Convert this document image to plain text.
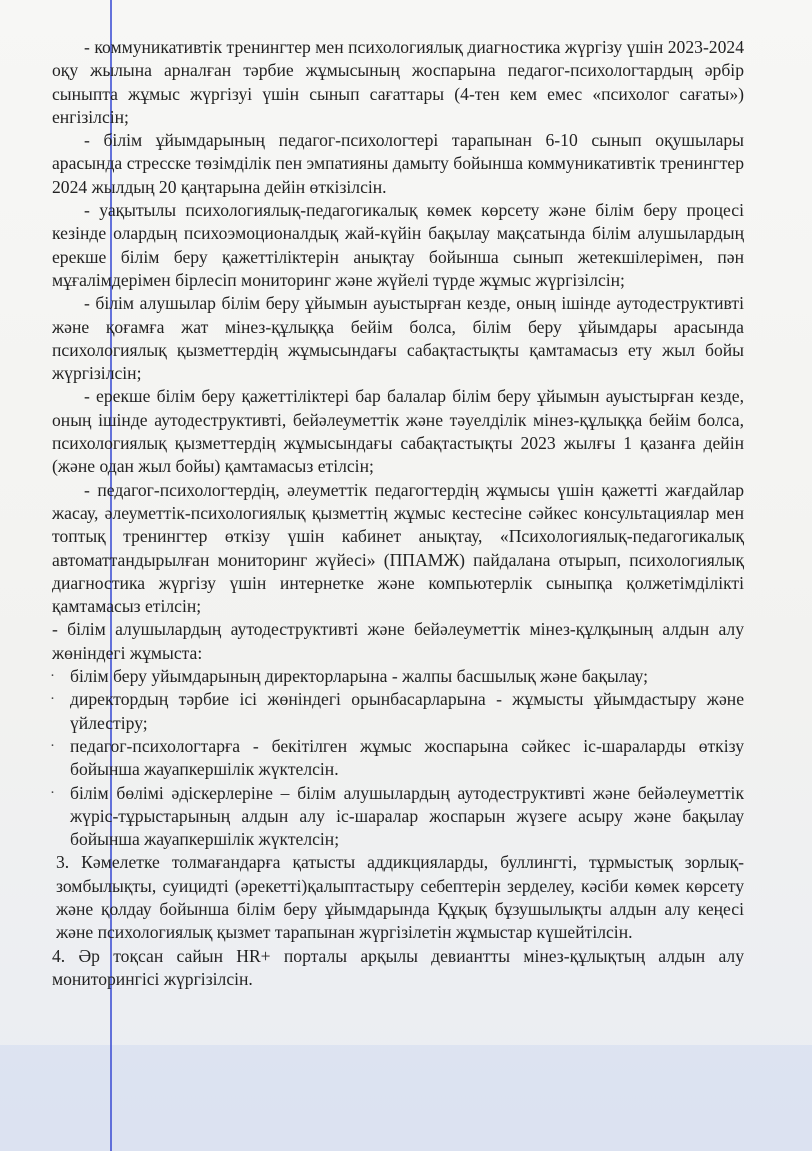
- коммуникативтік тренингтер мен психологиялық диагностика жүргізу үшін 2023-2024 оқу жылына арналған тәрбие жұмысының жоспарына педагог-психологтардың әрбір сыныпта жұмыс жүргізуі үшін сынып сағаттары (4-тен кем емес «психолог сағаты») енгізілсін;

- білім ұйымдарының педагог-психологтері тарапынан 6-10 сынып оқушылары арасында стресске төзімділік пен эмпатияны дамыту бойынша коммуникативтік тренингтер 2024 жылдың 20 қаңтарына дейін өткізілсін.

- уақытылы психологиялық-педагогикалық көмек көрсету және білім беру процесі кезінде олардың психоэмоционалдық жай-күйін бақылау мақсатында білім алушылардың ерекше білім беру қажеттіліктерін анықтау бойынша сынып жетекшілерімен, пән мұғалімдерімен бірлесіп мониторинг және жүйелі түрде жұмыс жүргізілсін;

- білім алушылар білім беру ұйымын ауыстырған кезде, оның ішінде аутодеструктивті және қоғамға жат мінез-құлыққа бейім болса, білім беру ұйымдары арасында психологиялық қызметтердің жұмысындағы сабақтастықты қамтамасыз ету жыл бойы жүргізілсін;

- ерекше білім беру қажеттіліктері бар балалар білім беру ұйымын ауыстырған кезде, оның ішінде аутодеструктивті, бейәлеуметтік және тәуелділік мінез-құлыққа бейім болса, психологиялық қызметтердің жұмысындағы сабақтастықты 2023 жылғы 1 қазанға дейін (және одан жыл бойы) қамтамасыз етілсін;

- педагог-психологтердің, әлеуметтік педагогтердің жұмысы үшін қажетті жағдайлар жасау, әлеуметтік-психологиялық қызметтің жұмыс кестесіне сәйкес консультациялар мен топтық тренингтер өткізу үшін кабинет анықтау, «Психологиялық-педагогикалық автоматтандырылған мониторинг жүйесі» (ППАМЖ) пайдалана отырып, психологиялық диагностика жүргізу үшін интернетке және компьютерлік сыныпқа қолжетімділікті қамтамасыз етілсін;

- білім алушылардың аутодеструктивті және бейәлеуметтік мінез-құлқының алдын алу жөніндегі жұмыста:

· білім беру уйымдарының директорларына - жалпы басшылық және бақылау;
· директордың тәрбие ісі жөніндегі орынбасарларына - жұмысты ұйымдастыру және үйлестіру;
· педагог-психологтарға - бекітілген жұмыс жоспарына сәйкес іс-шараларды өткізу бойынша жауапкершілік жүктелсін.
· білім бөлімі әдіскерлеріне – білім алушылардың аутодеструктивті және бейәлеуметтік жүріс-тұрыстарының алдын алу іс-шаралар жоспарын жүзеге асыру және бақылау бойынша жауапкершілік жүктелсін;

3. Кәмелетке толмағандарға қатысты аддикцияларды, буллингті, тұрмыстық зорлық-зомбылықты, суицидті (әрекетті)қалыптастыру себептерін зерделеу, кәсіби көмек көрсету және қолдау бойынша білім беру ұйымдарында Құқық бұзушылықты алдын алу кеңесі және психологиялық қызмет тарапынан жүргізілетін жұмыстар күшейтілсін.

4. Әр тоқсан сайын HR+ порталы арқылы девиантты мінез-құлықтың алдын алу мониторингісі жүргізілсін.
